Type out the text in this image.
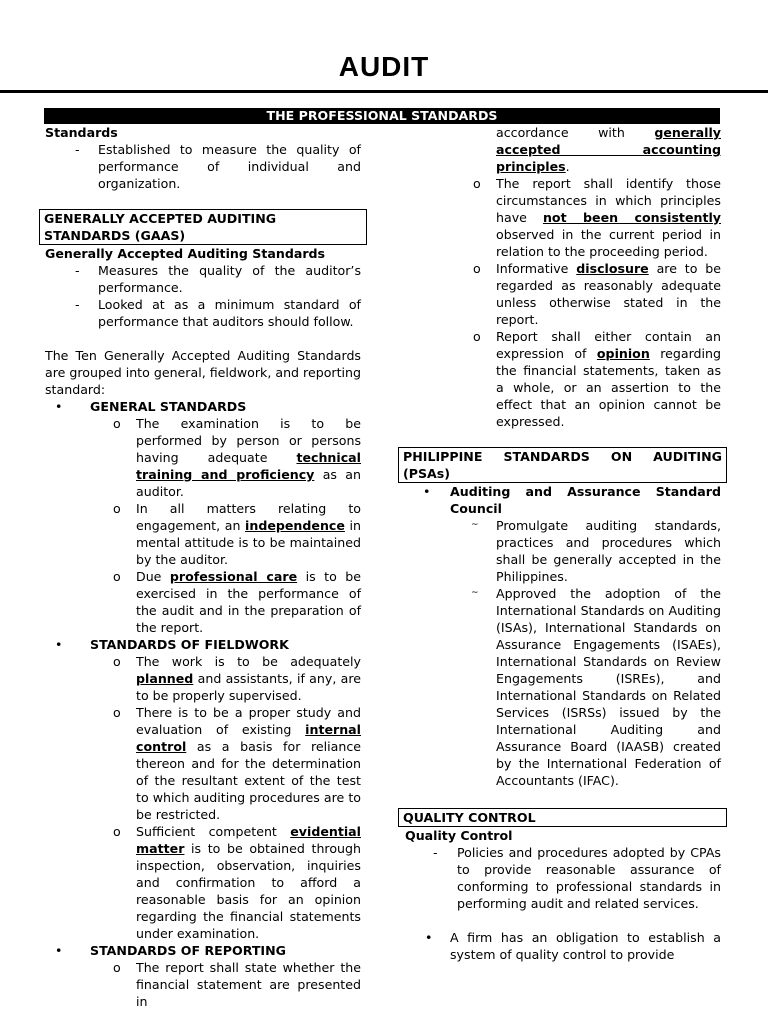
AUDIT
THE PROFESSIONAL STANDARDS

Standards

-	Established to measure the quality of performance of individual and organization.
GENERALLY ACCEPTED AUDITING STANDARDS (GAAS)

Generally Accepted Auditing Standards

-	Measures the quality of the auditor’s performance.
-	Looked at as a minimum standard of performance that auditors should follow.

The Ten Generally Accepted Auditing Standards are grouped into general, fieldwork, and reporting standard:

•	GENERAL STANDARDS
o	The examination is to be performed by person or persons having adequate technical training and proficiency as an auditor.
o	In all matters relating to engagement, an independence in mental attitude is to be maintained by the auditor.
o	Due professional care is to be exercised in the performance of the audit and in the preparation of the report.
•	STANDARDS OF FIELDWORK
o	The work is to be adequately planned and assistants, if any, are to be properly supervised.
o	There is to be a proper study and evaluation of existing internal control as a basis for reliance thereon and for the determination of the resultant extent of the test to which auditing procedures are to be restricted.
o	Sufficient competent evidential matter is to be obtained through inspection, observation, inquiries and confirmation to afford a reasonable basis for an opinion regarding the financial statements under examination.
•	STANDARDS OF REPORTING
o	The report shall state whether the financial statement are presented in
accordance with generally accepted accounting principles.
o	The report shall identify those circumstances in which principles have not been consistently observed in the current period in relation to the proceeding period.
o	Informative disclosure are to be regarded as reasonably adequate unless otherwise stated in the report.
o	Report shall either contain an expression of opinion regarding the financial statements, taken as a whole, or an assertion to the effect that an opinion cannot be expressed.
PHILIPPINE STANDARDS ON AUDITING (PSAs)
•	Auditing and Assurance Standard Council
~	Promulgate auditing standards, practices and procedures which shall be generally accepted in the Philippines.
~	Approved the adoption of the International Standards on Auditing (ISAs), International Standards on Assurance Engagements (ISAEs), International Standards on Review Engagements (ISREs), and International Standards on Related Services (ISRSs) issued by the International Auditing and Assurance Board (IAASB) created by the International Federation of Accountants (IFAC).
QUALITY CONTROL

Quality Control

-	Policies and procedures adopted by CPAs to provide reasonable assurance of conforming to professional standards in performing audit and related services.
•	A firm has an obligation to establish a system of quality control to provide
